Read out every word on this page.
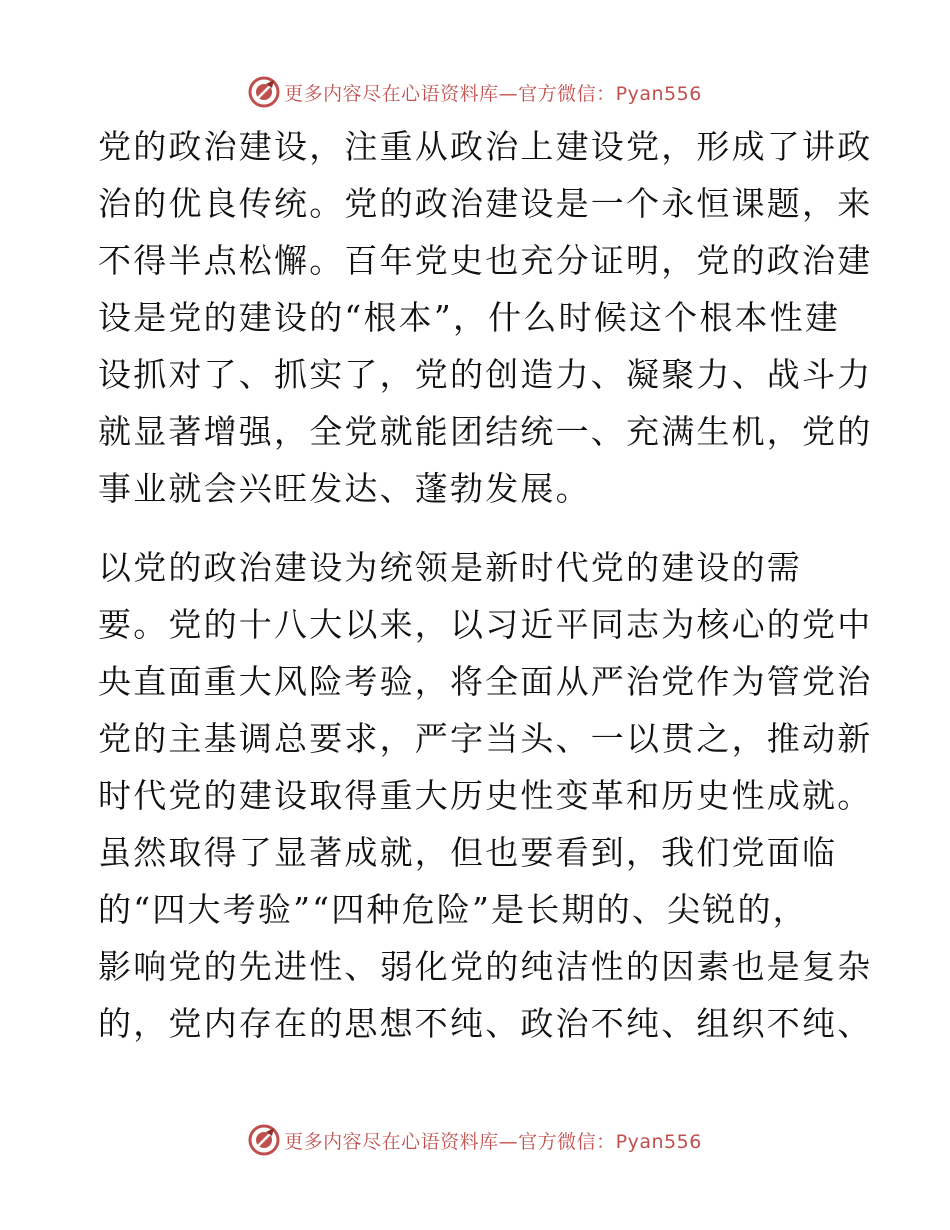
更多内容尽在心语资料库—官方微信：Pyan556

党的政治建设，注重从政治上建设党，形成了讲政
治的优良传统。党的政治建设是一个永恒课题，来
不得半点松懈。百年党史也充分证明，党的政治建
设是党的建设的“根本”，什么时候这个根本性建
设抓对了、抓实了，党的创造力、凝聚力、战斗力
就显著增强，全党就能团结统一、充满生机，党的
事业就会兴旺发达、蓬勃发展。

以党的政治建设为统领是新时代党的建设的需
要。党的十八大以来，以习近平同志为核心的党中
央直面重大风险考验，将全面从严治党作为管党治
党的主基调总要求，严字当头、一以贯之，推动新
时代党的建设取得重大历史性变革和历史性成就。
虽然取得了显著成就，但也要看到，我们党面临
的“四大考验”“四种危险”是长期的、尖锐的，
影响党的先进性、弱化党的纯洁性的因素也是复杂
的，党内存在的思想不纯、政治不纯、组织不纯、

更多内容尽在心语资料库—官方微信：Pyan556
